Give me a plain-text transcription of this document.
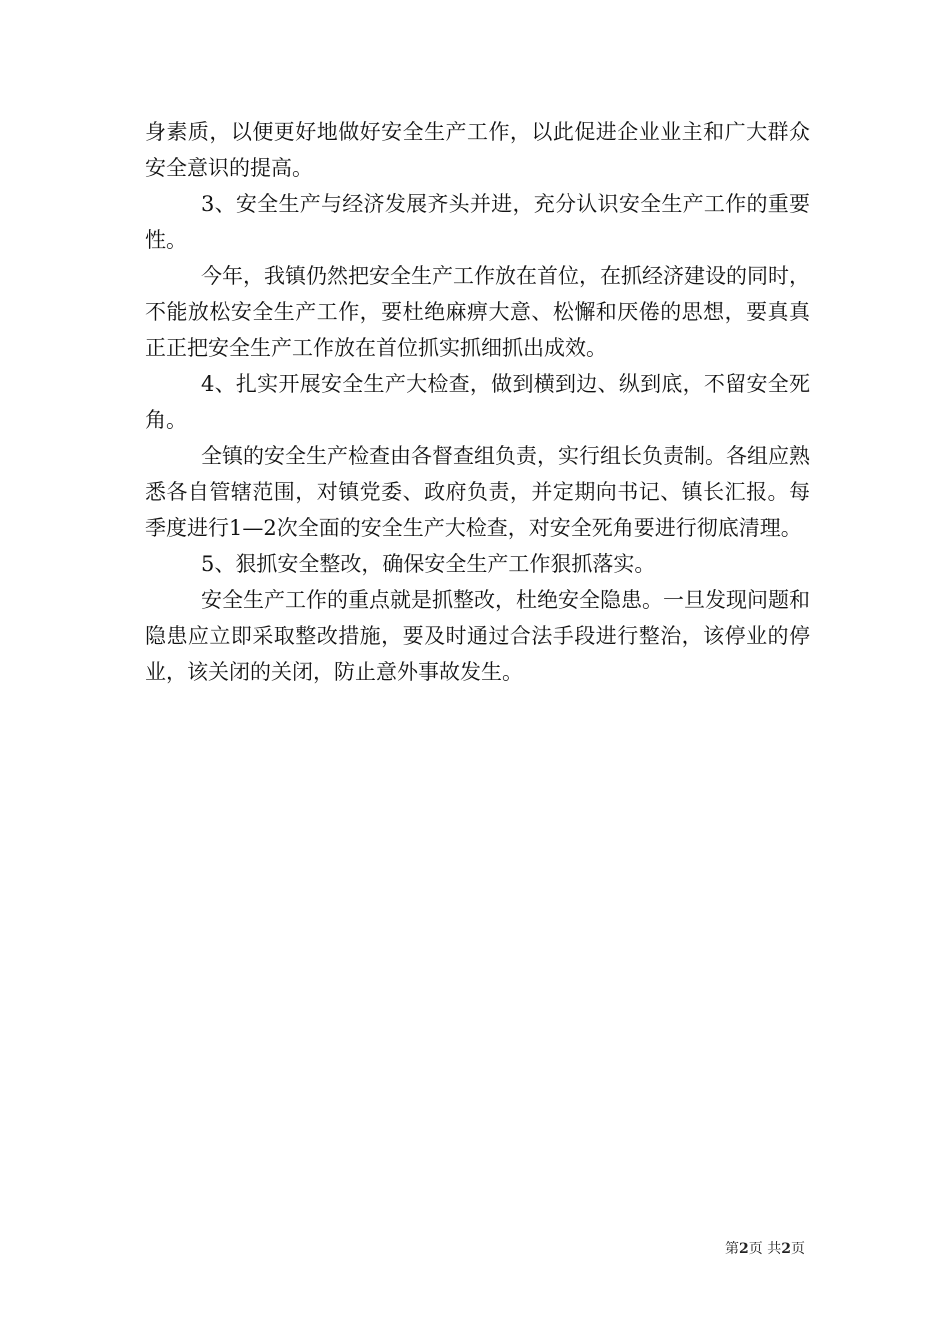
身素质，以便更好地做好安全生产工作，以此促进企业业主和广大群众安全意识的提高。

3、安全生产与经济发展齐头并进，充分认识安全生产工作的重要性。

今年，我镇仍然把安全生产工作放在首位，在抓经济建设的同时，不能放松安全生产工作，要杜绝麻痹大意、松懈和厌倦的思想，要真真正正把安全生产工作放在首位抓实抓细抓出成效。

4、扎实开展安全生产大检查，做到横到边、纵到底，不留安全死角。

全镇的安全生产检查由各督查组负责，实行组长负责制。各组应熟悉各自管辖范围，对镇党委、政府负责，并定期向书记、镇长汇报。每季度进行1—2次全面的安全生产大检查，对安全死角要进行彻底清理。

5、狠抓安全整改，确保安全生产工作狠抓落实。

安全生产工作的重点就是抓整改，杜绝安全隐患。一旦发现问题和隐患应立即采取整改措施，要及时通过合法手段进行整治，该停业的停业，该关闭的关闭，防止意外事故发生。

第2页 共2页
